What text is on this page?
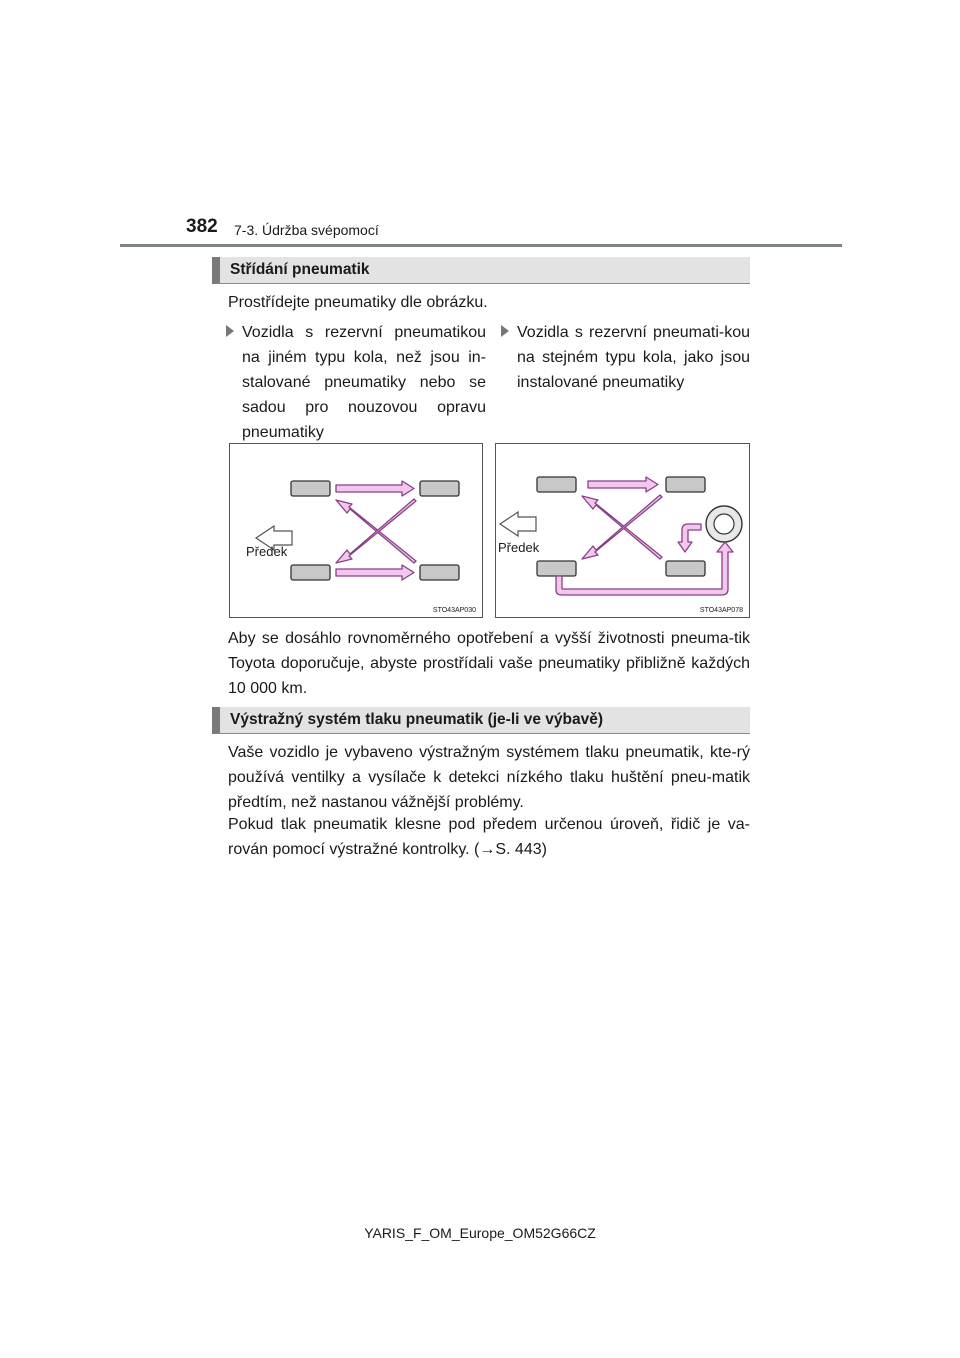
382 7-3. Údržba svépomocí
Střídání pneumatik
Prostřídejte pneumatiky dle obrázku.
Vozidla s rezervní pneumatikou na jiném typu kola, než jsou in-stalované pneumatiky nebo se sadou pro nouzovou opravu pneumatiky
Vozidla s rezervní pneumati-kou na stejném typu kola, jako jsou instalované pneumatiky
Předek
STO43AP030
Předek
STO43AP078
Aby se dosáhlo rovnoměrného opotřebení a vyšší životnosti pneuma-tik Toyota doporučuje, abyste prostřídali vaše pneumatiky přibližně každých 10 000 km.
Výstražný systém tlaku pneumatik (je-li ve výbavě)
Vaše vozidlo je vybaveno výstražným systémem tlaku pneumatik, kte-rý používá ventilky a vysílače k detekci nízkého tlaku huštění pneu-matik předtím, než nastanou vážnější problémy.
Pokud tlak pneumatik klesne pod předem určenou úroveň, řidič je va-rován pomocí výstražné kontrolky. (→S. 443)
YARIS_F_OM_Europe_OM52G66CZ
